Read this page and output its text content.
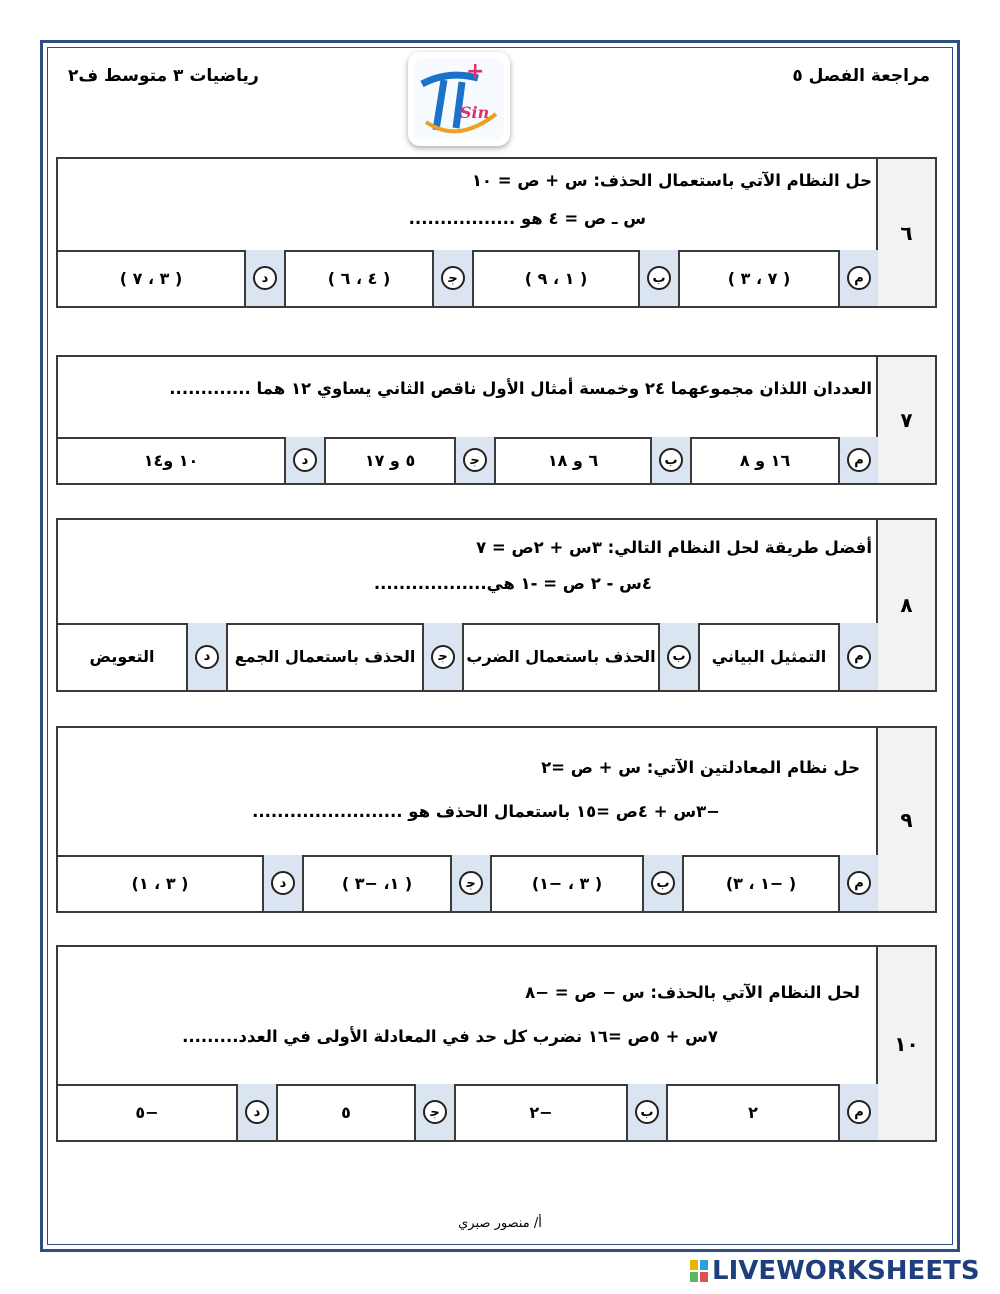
مراجعة الفصل ٥
رياضيات ٣ متوسط ف٢	+
Sin
٦
حل النظام الآتي باستعمال الحذف: س + ص = ١٠
س ـ ص = ٤ هو .................
ﻡ
( ٧ ، ٣ )
ب
( ١ ، ٩ )
ﺟ
( ٤ ، ٦ )
د
( ٣ ، ٧ )
٧
العددان اللذان مجموعهما ٢٤ وخمسة أمثال الأول ناقص الثاني يساوي ١٢ هما .............
ﻡ
١٦ و ٨
ب
٦ و ١٨
ﺟ
٥ و ١٧
د
١٠ و١٤
٨
أفضل طريقة لحل النظام التالي: ٣س + ٢ص = ٧
٤س - ٢ ص = -١ هي..................
ﻡ
التمثيل البياني
ب
الحذف باستعمال الضرب
ﺟ
الحذف باستعمال الجمع
د
التعويض
٩
حل نظام المعادلتين الآتي: س + ص =٢
−٣س + ٤ص =١٥ باستعمال الحذف هو ........................
ﻡ
( −١ ، ٣)
ب
( ٣ ، −١)
ﺟ
( ١، −٣ )
د
( ٣ ، ١)
١٠
لحل النظام الآتي بالحذف: س − ص = −٨
٧س + ٥ص =١٦ نضرب كل حد في المعادلة الأولى في العدد.........
ﻡ
٢
ب
−٢
ﺟ
٥
د
−٥
أ/ منصور صبري
LIVEWORKSHEETS
